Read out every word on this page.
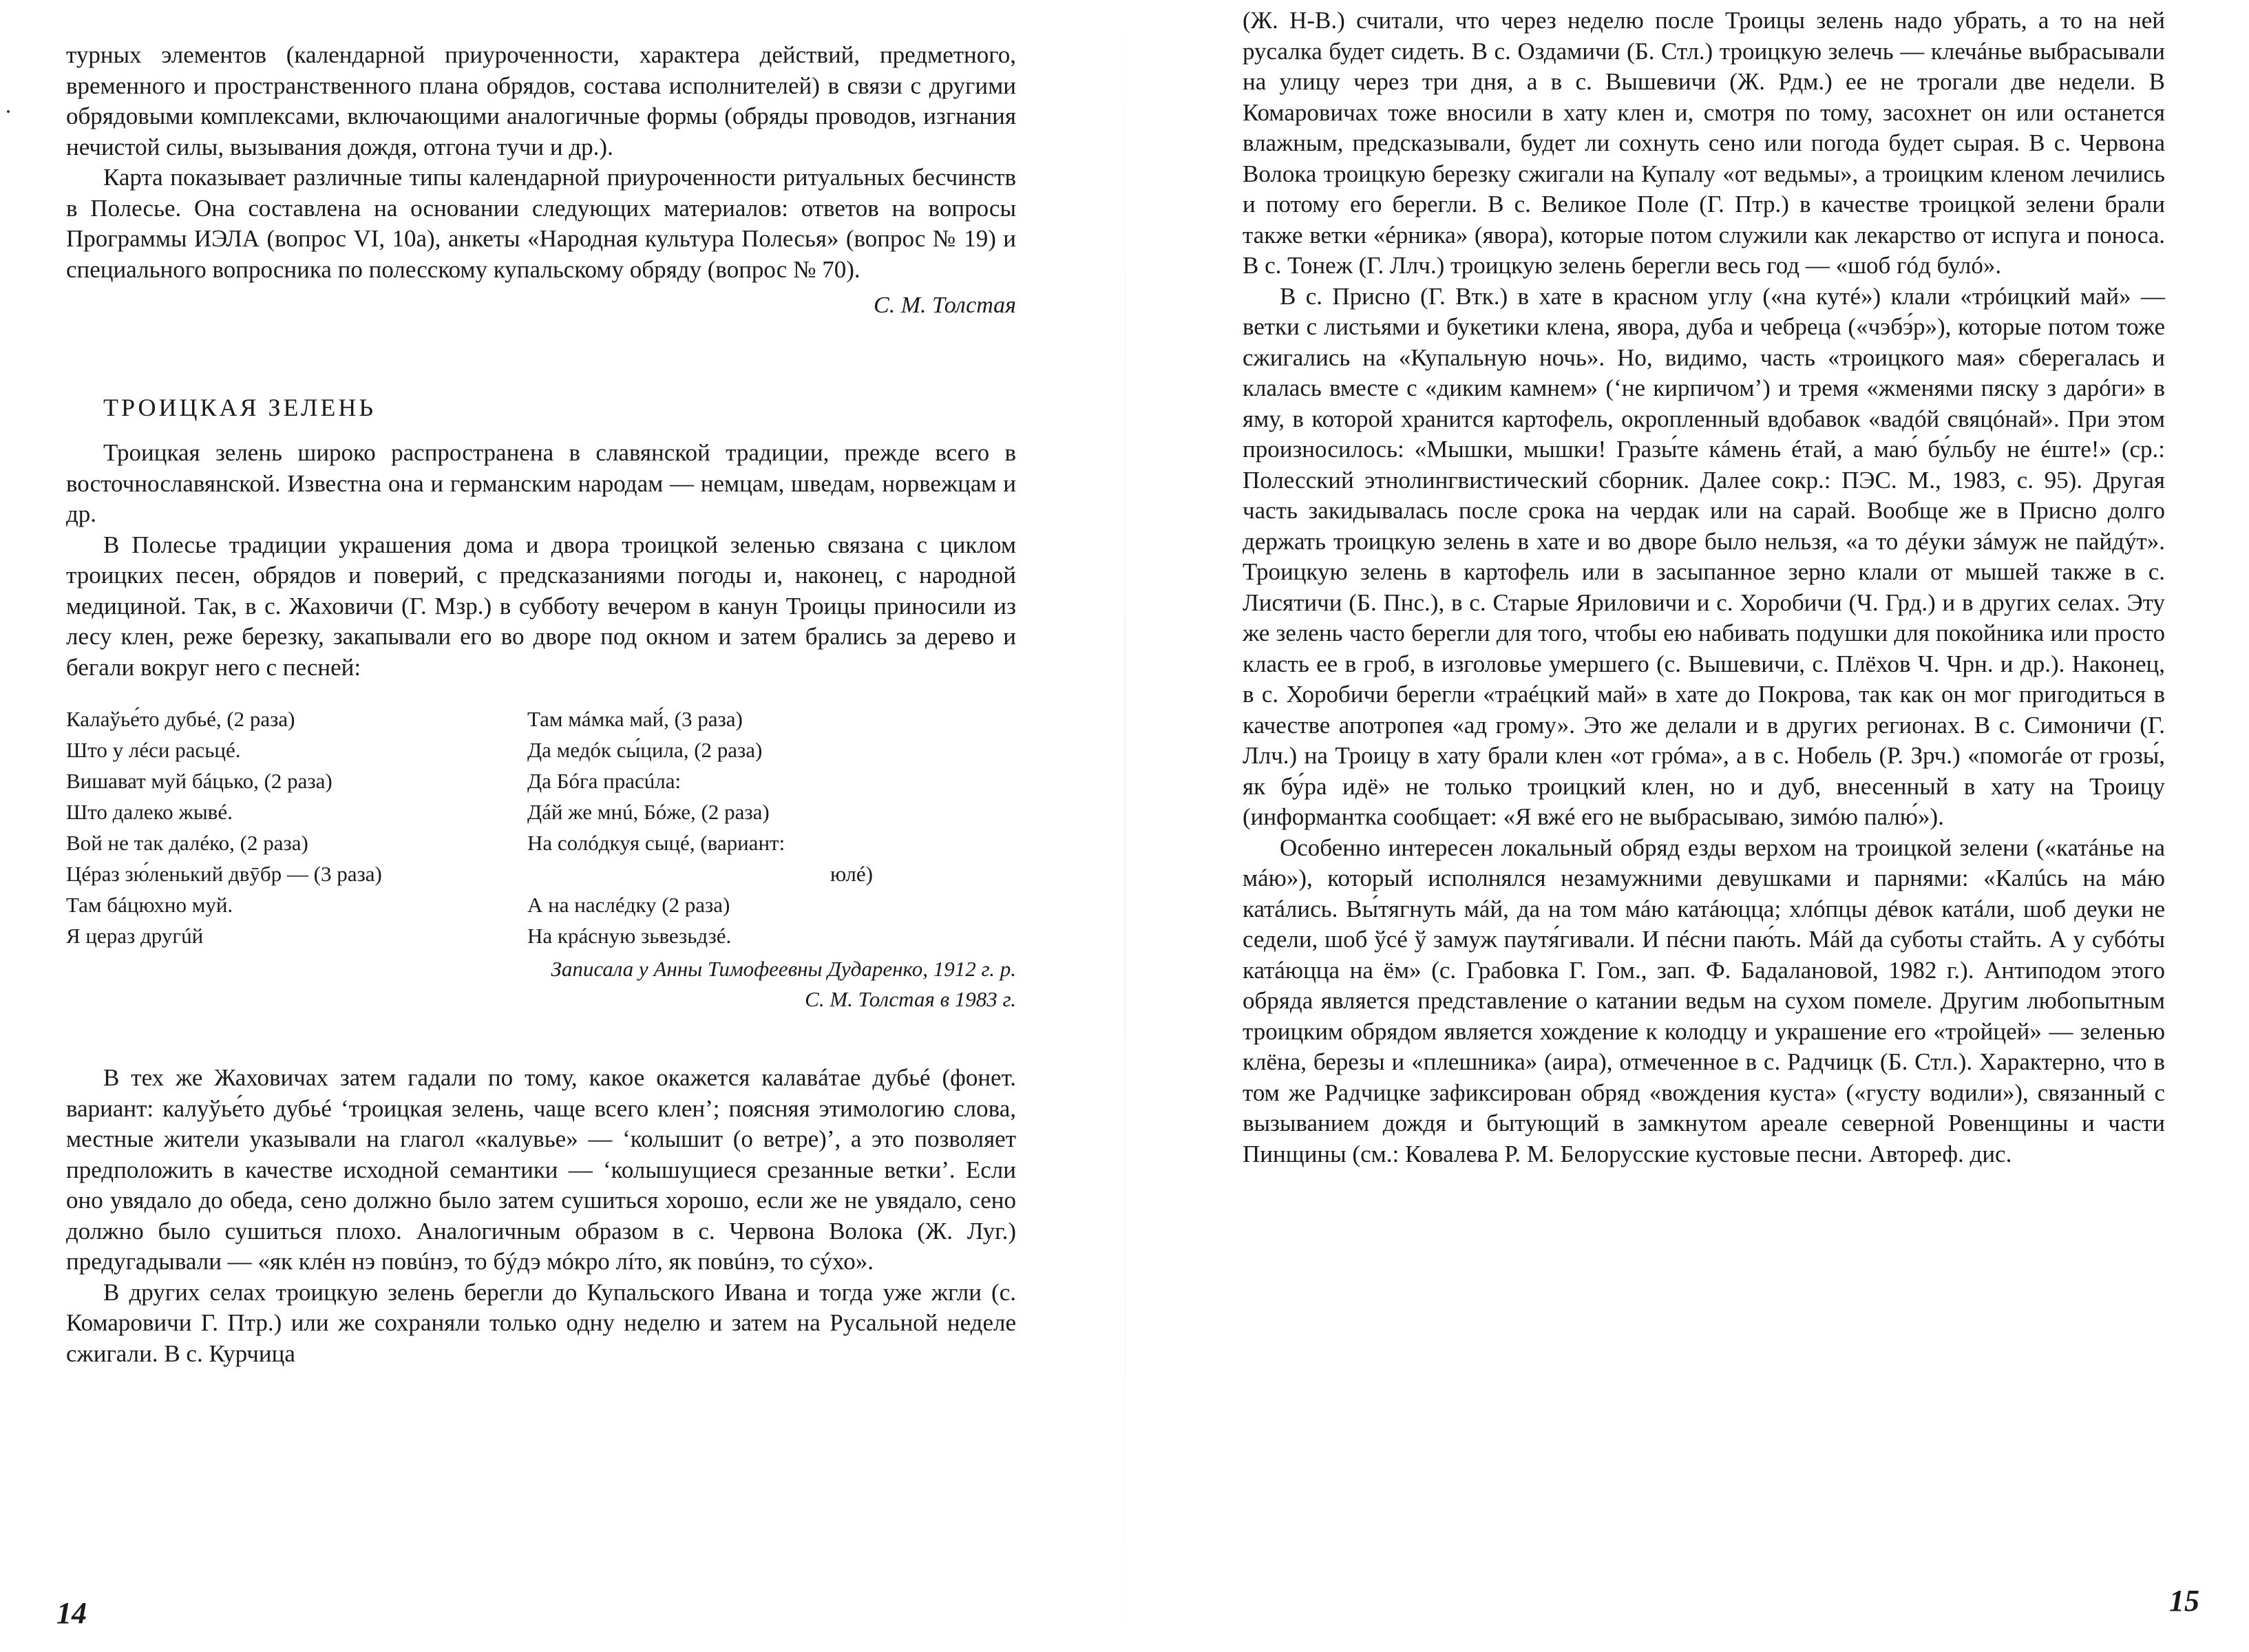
турных элементов (календарной приуроченности, характера действий, предметного, временного и пространственного плана обрядов, состава исполнителей) в связи с другими обрядовыми комплексами, включающими аналогичные формы (обряды проводов, изгнания нечистой силы, вызывания дождя, отгона тучи и др.).

Карта показывает различные типы календарной приуроченности ритуальных бесчинств в Полесье. Она составлена на основании следующих материалов: ответов на вопросы Программы ИЭЛА (вопрос VI, 10а), анкеты «Народная культура Полесья» (вопрос № 19) и специального вопросника по полесскому купальскому обряду (вопрос № 70).

С. М. Толстая

ТРОИЦКАЯ ЗЕЛЕНЬ

Троицкая зелень широко распространена в славянской традиции, прежде всего в восточнославянской. Известна она и германским народам — немцам, шведам, норвежцам и др.

В Полесье традиции украшения дома и двора троицкой зеленью связана с циклом троицких песен, обрядов и поверий, с предсказаниями погоды и, наконец, с народной медициной. Так, в с. Жаховичи (Г. Мзр.) в субботу вечером в канун Троицы приносили из лесу клен, реже березку, закапывали его во дворе под окном и затем брались за дерево и бегали вокруг него с песней:

Калаўье́то дубьé, (2 раза)
Што у лéси расьцé.
Вишават муй бáцько, (2 раза)
Што далеко жывé.
Вой не так далéко, (2 раза)
Цéраз зю́ленький двӯбр — (3 раза)
Там бáцюхно муй.
Я цераз другúй
Там мáмка май́, (3 раза)
Да медóк сы́цила, (2 раза)
Да Бóга прасúла:
Дáй же мнú, Бóже, (2 раза)
На солóдкуя сыцé, (вариант:
юлé)
А на наслéдку (2 раза)
На крáсную зьвезьдзé.
Записала у Анны Тимофеевны Дударенко, 1912 г. р.
С. М. Толстая в 1983 г.

В тех же Жаховичах затем гадали по тому, какое окажется калавáтае дубьé (фонет. вариант: калуўье́то дубьé ‘троицкая зелень, чаще всего клен’; поясняя этимологию слова, местные жители указывали на глагол «калувье» — ‘колышит (о ветре)’, а это позволяет предположить в качестве исходной семантики — ‘колышущиеся срезанные ветки’. Если оно увядало до обеда, сено должно было затем сушиться хорошо, если же не увядало, сено должно было сушиться плохо. Аналогичным образом в с. Червона Волока (Ж. Луг.) предугадывали — «як клéн нэ повúнэ, то бýдэ мóкро лíто, як повúнэ, то сýхо».

В других селах троицкую зелень берегли до Купальского Ивана и тогда уже жгли (с. Комаровичи Г. Птр.) или же сохраняли только одну неделю и затем на Русальной неделе сжигали. В с. Курчица

14

(Ж. Н-В.) считали, что через неделю после Троицы зелень надо убрать, а то на ней русалка будет сидеть. В с. Оздамичи (Б. Стл.) троицкую зелечь — клечáнье выбрасывали на улицу через три дня, а в с. Вышевичи (Ж. Рдм.) ее не трогали две недели. В Комаровичах тоже вносили в хату клен и, смотря по тому, засохнет он или останется влажным, предсказывали, будет ли сохнуть сено или погода будет сырая. В с. Червона Волока троицкую березку сжигали на Купалу «от ведьмы», а троицким кленом лечились и потому его берегли. В с. Великое Поле (Г. Птр.) в качестве троицкой зелени брали также ветки «éрника» (явора), которые потом служили как лекарство от испуга и поноса. В с. Тонеж (Г. Ллч.) троицкую зелень берегли весь год — «шоб гóд булó».

В с. Присно (Г. Втк.) в хате в красном углу («на кутé») клали «трóицкий май» — ветки с листьями и букетики клена, явора, дуба и чебреца («чэбэ́р»), которые потом тоже сжигались на «Купальную ночь». Но, видимо, часть «троицкого мая» сберегалась и клалась вместе с «диким камнем» (‘не кирпичом’) и тремя «жменями пяску з дарóги» в яму, в которой хранится картофель, окропленный вдобавок «вадóй свяцóнай». При этом произносилось: «Мышки, мышки! Гразы́те кáмень éтай, а маю́ бу́льбу не éште!» (ср.: Полесский этнолингвистический сборник. Далее сокр.: ПЭС. М., 1983, с. 95). Другая часть закидывалась после срока на чердак или на сарай. Вообще же в Присно долго держать троицкую зелень в хате и во дворе было нельзя, «а то дéуки зáмуж не пайдýт». Троицкую зелень в картофель или в засыпанное зерно клали от мышей также в с. Лисятичи (Б. Пнс.), в с. Старые Яриловичи и с. Хоробичи (Ч. Грд.) и в других селах. Эту же зелень часто берегли для того, чтобы ею набивать подушки для покойника или просто класть ее в гроб, в изголовье умершего (с. Вышевичи, с. Плёхов Ч. Чрн. и др.). Наконец, в с. Хоробичи берегли «траéцкий май» в хате до Покрова, так как он мог пригодиться в качестве апотропея «ад грому». Это же делали и в других регионах. В с. Симоничи (Г. Ллч.) на Троицу в хату брали клен «от грóма», а в с. Нобель (Р. Зрч.) «помогáе от грозы́, як бу́ра идё» не только троицкий клен, но и дуб, внесенный в хату на Троицу (информантка сообщает: «Я вжé его не выбрасываю, зимóю палю́»).

Особенно интересен локальный обряд езды верхом на троицкой зелени («катáнье на мáю»), который исполнялся незамужними девушками и парнями: «Калúсь на мáю катáлись. Вы́тягнуть мáй, да на том мáю катáюцца; хлóпцы дéвок катáли, шоб деуки не седели, шоб ўсé ў замуж паутя́гивали. И пéсни паю́ть. Мáй да суботы стайть. А у субóты катáюцца на ём» (с. Грабовка Г. Гом., зап. Ф. Бадалановой, 1982 г.). Антиподом этого обряда является представление о катании ведьм на сухом помеле. Другим любопытным троицким обрядом является хождение к колодцу и украшение его «тройцей» — зеленью клёна, березы и «плешника» (аира), отмеченное в с. Радчицк (Б. Стл.). Характерно, что в том же Радчицке зафиксирован обряд «вождения куста» («густу водили»), связанный с вызыванием дождя и бытующий в замкнутом ареале северной Ровенщины и части Пинщины (см.: Ковалева Р. М. Белорусские кустовые песни. Автореф. дис.

15
